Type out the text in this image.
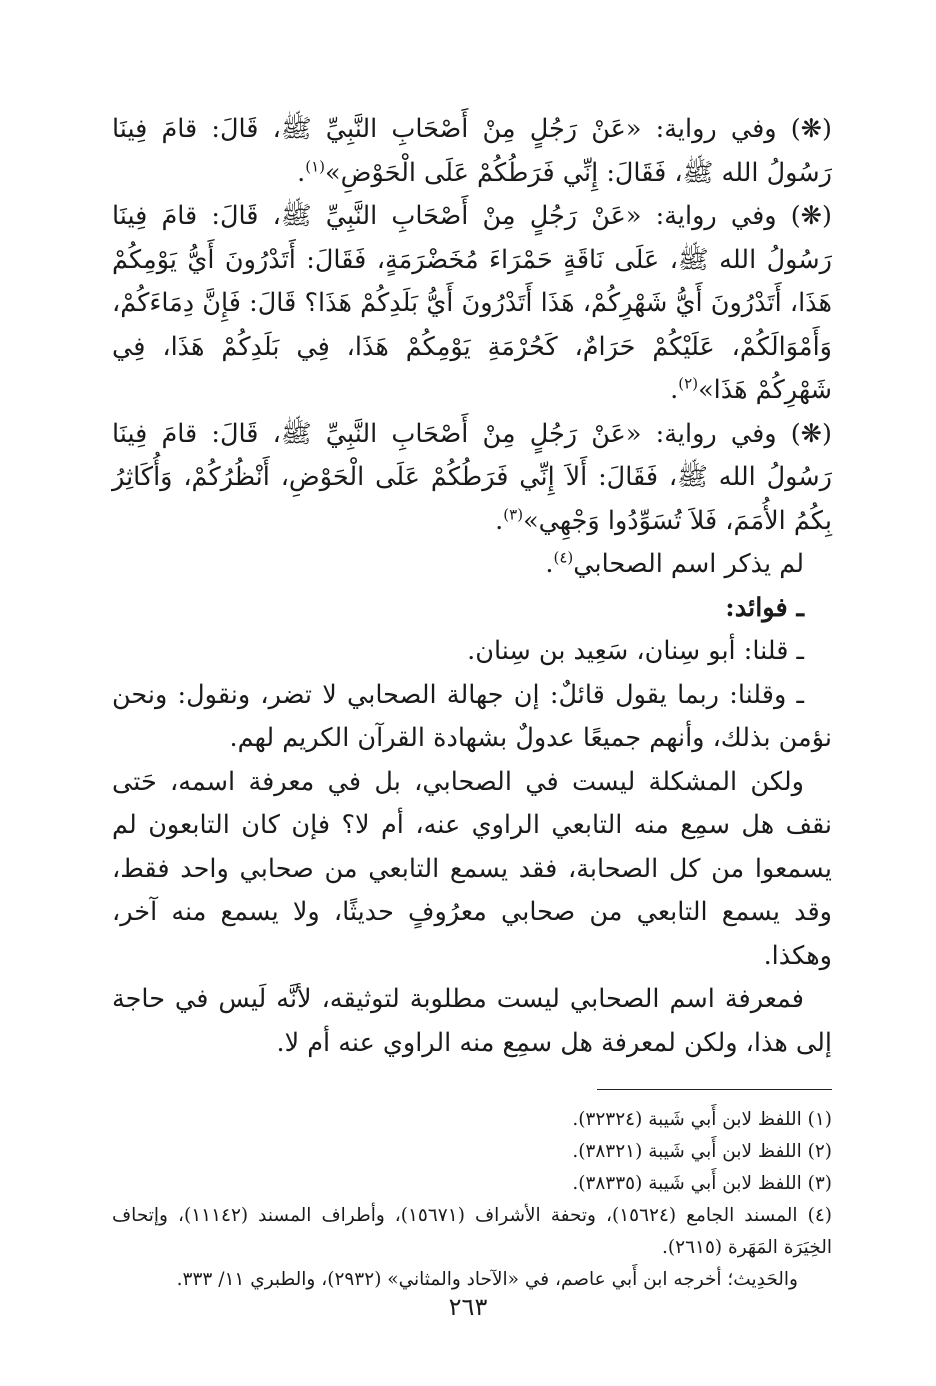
(❋) وفي رواية: «عَنْ رَجُلٍ مِنْ أَصْحَابِ النَّبِيِّ ﷺ، قَالَ: قامَ فِينَا رَسُولُ الله ﷺ، فَقَالَ: إِنِّي فَرَطُكُمْ عَلَى الْحَوْضِ»$^{(١)}$.

(❋) وفي رواية: «عَنْ رَجُلٍ مِنْ أَصْحَابِ النَّبِيِّ ﷺ، قَالَ: قامَ فِينَا رَسُولُ الله ﷺ، عَلَى نَاقَةٍ حَمْرَاءَ مُخَضْرَمَةٍ، فَقَالَ: أَتَدْرُونَ أَيُّ يَوْمِكُمْ هَذَا، أَتَدْرُونَ أَيُّ شَهْرِكُمْ، هَذَا أَتَدْرُونَ أَيُّ بَلَدِكُمْ هَذَا؟ قَالَ: فَإِنَّ دِمَاءَكُمْ، وَأَمْوَالَكُمْ، عَلَيْكُمْ حَرَامٌ، كَحُرْمَةِ يَوْمِكُمْ هَذَا، فِي بَلَدِكُمْ هَذَا، فِي شَهْرِكُمْ هَذَا»$^{(٢)}$.

(❋) وفي رواية: «عَنْ رَجُلٍ مِنْ أَصْحَابِ النَّبِيِّ ﷺ، قَالَ: قامَ فِينَا رَسُولُ الله ﷺ، فَقَالَ: أَلاَ إِنِّي فَرَطُكُمْ عَلَى الْحَوْضِ، أَنْظُرُكُمْ، وَأُكَاثِرُ بِكُمُ الأُمَمَ، فَلاَ تُسَوِّدُوا وَجْهِي»$^{(٣)}$.

لم يذكر اسم الصحابي$^{(٤)}$.

ـ فوائد:

ـ قلنا: أبو سِنان، سَعِيد بن سِنان.

ـ وقلنا: ربما يقول قائلٌ: إن جهالة الصحابي لا تضر، ونقول: ونحن نؤمن بذلك، وأنهم جميعًا عدولٌ بشهادة القرآن الكريم لهم.

ولكن المشكلة ليست في الصحابي، بل في معرفة اسمه، حَتى نقف هل سمِع منه التابعي الراوي عنه، أم لا؟ فإن كان التابعون لم يسمعوا من كل الصحابة، فقد يسمع التابعي من صحابي واحد فقط، وقد يسمع التابعي من صحابي معرُوفٍ حديثًا، ولا يسمع منه آخر، وهكذا.

فمعرفة اسم الصحابي ليست مطلوبة لتوثيقه، لأنَّه لَيس في حاجة إلى هذا، ولكن لمعرفة هل سمِع منه الراوي عنه أم لا.

(١) اللفظ لابن أَبي شَيبة (٣٢٣٢٤).

(٢) اللفظ لابن أَبي شَيبة (٣٨٣٢١).

(٣) اللفظ لابن أَبي شَيبة (٣٨٣٣٥).

(٤) المسند الجامع (١٥٦٢٤)، وتحفة الأشراف (١٥٦٧١)، وأطراف المسند (١١١٤٢)، وإتحاف الخِيَرَة المَهَرة (٢٦١٥).

والحَدِيث؛ أخرجه ابن أَبي عاصم، في «الآحاد والمثاني» (٢٩٣٢)، والطبري ١١/ ٣٣٣.

٢٦٣
